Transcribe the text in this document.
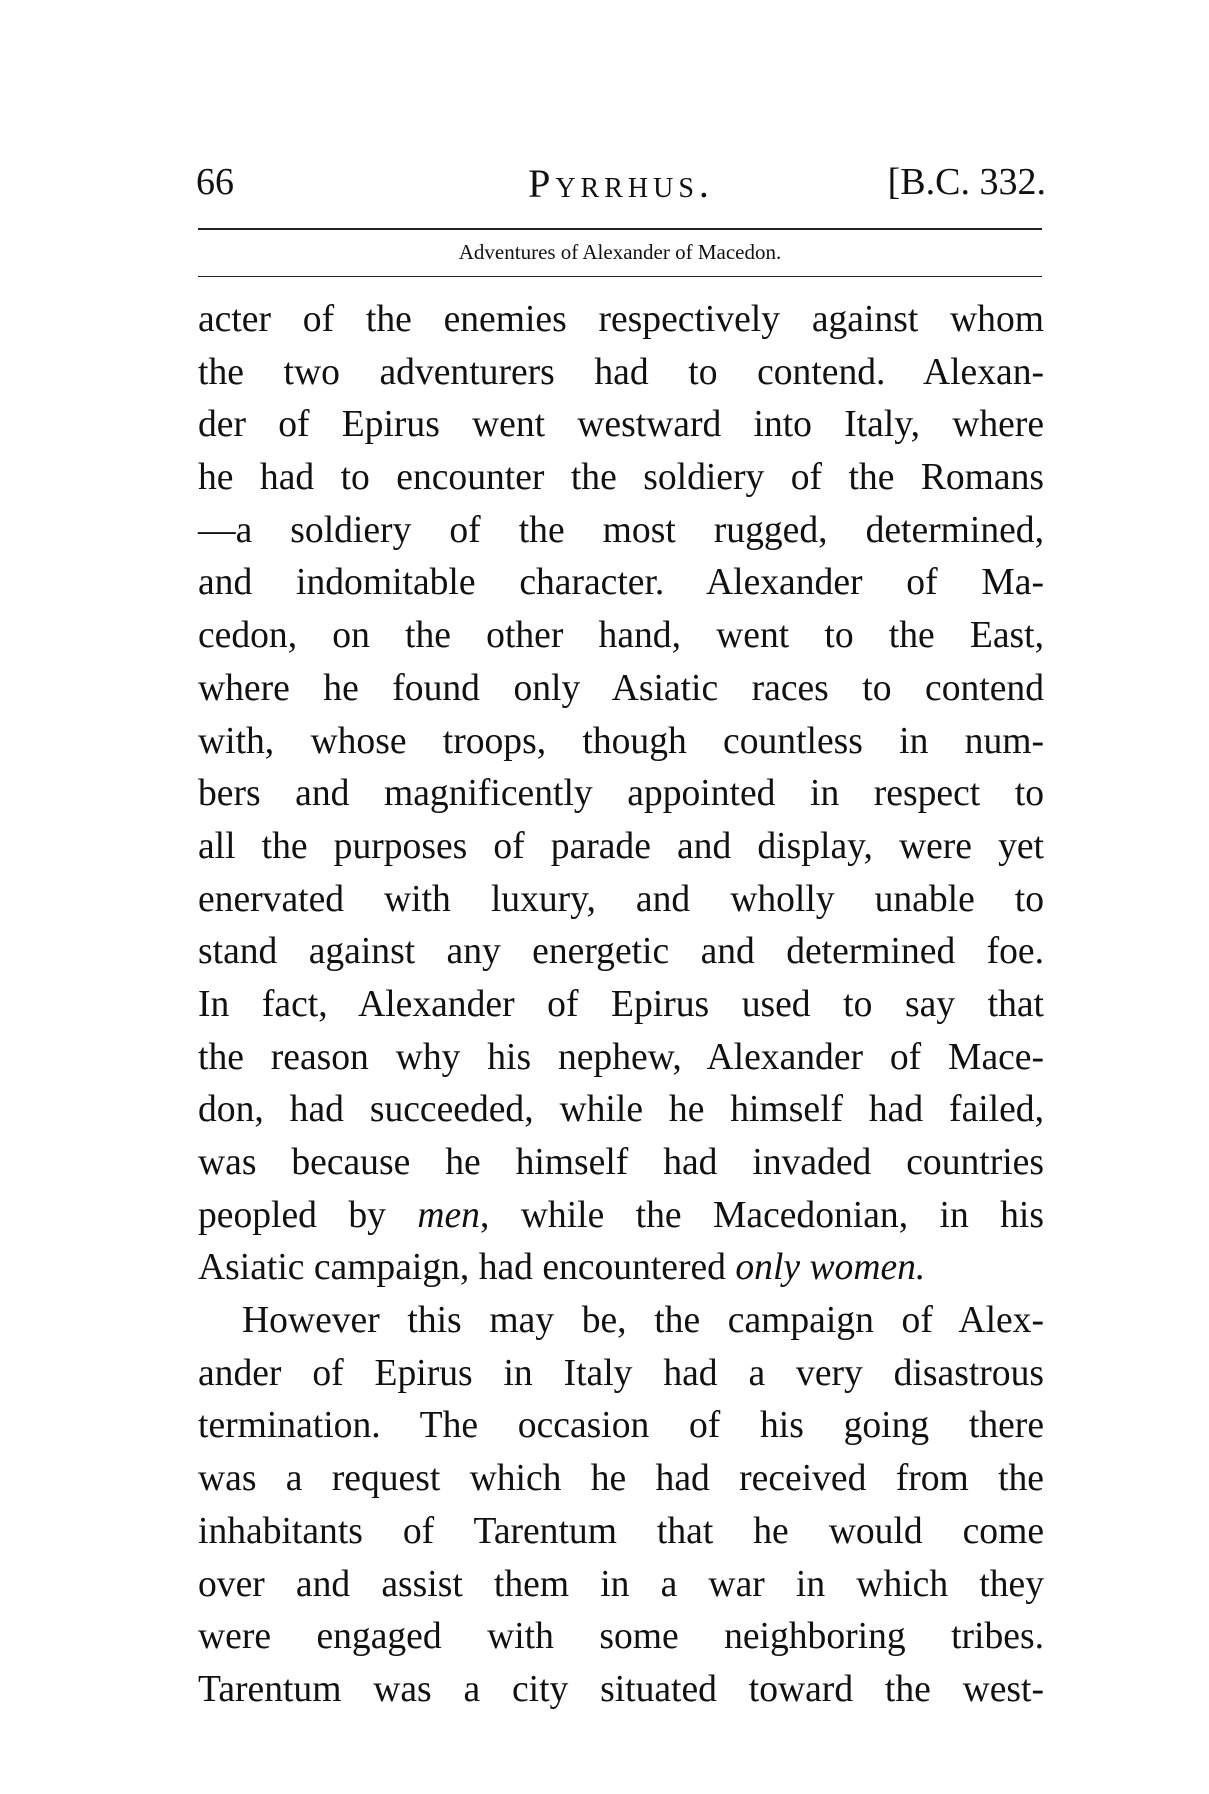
66	Pyrrhus.	[B.C. 332.
Adventures of Alexander of Macedon.
acter of the enemies respectively against whom
the two adventurers had to contend. Alexan-
der of Epirus went westward into Italy, where
he had to encounter the soldiery of the Romans
—a soldiery of the most rugged, determined,
and indomitable character. Alexander of Ma-
cedon, on the other hand, went to the East,
where he found only Asiatic races to contend
with, whose troops, though countless in num-
bers and magnificently appointed in respect to
all the purposes of parade and display, were yet
enervated with luxury, and wholly unable to
stand against any energetic and determined foe.
In fact, Alexander of Epirus used to say that
the reason why his nephew, Alexander of Mace-
don, had succeeded, while he himself had failed,
was because he himself had invaded countries
peopled by men, while the Macedonian, in his
Asiatic campaign, had encountered only women.
However this may be, the campaign of Alex-
ander of Epirus in Italy had a very disastrous
termination. The occasion of his going there
was a request which he had received from the
inhabitants of Tarentum that he would come
over and assist them in a war in which they
were engaged with some neighboring tribes.
Tarentum was a city situated toward the west-
